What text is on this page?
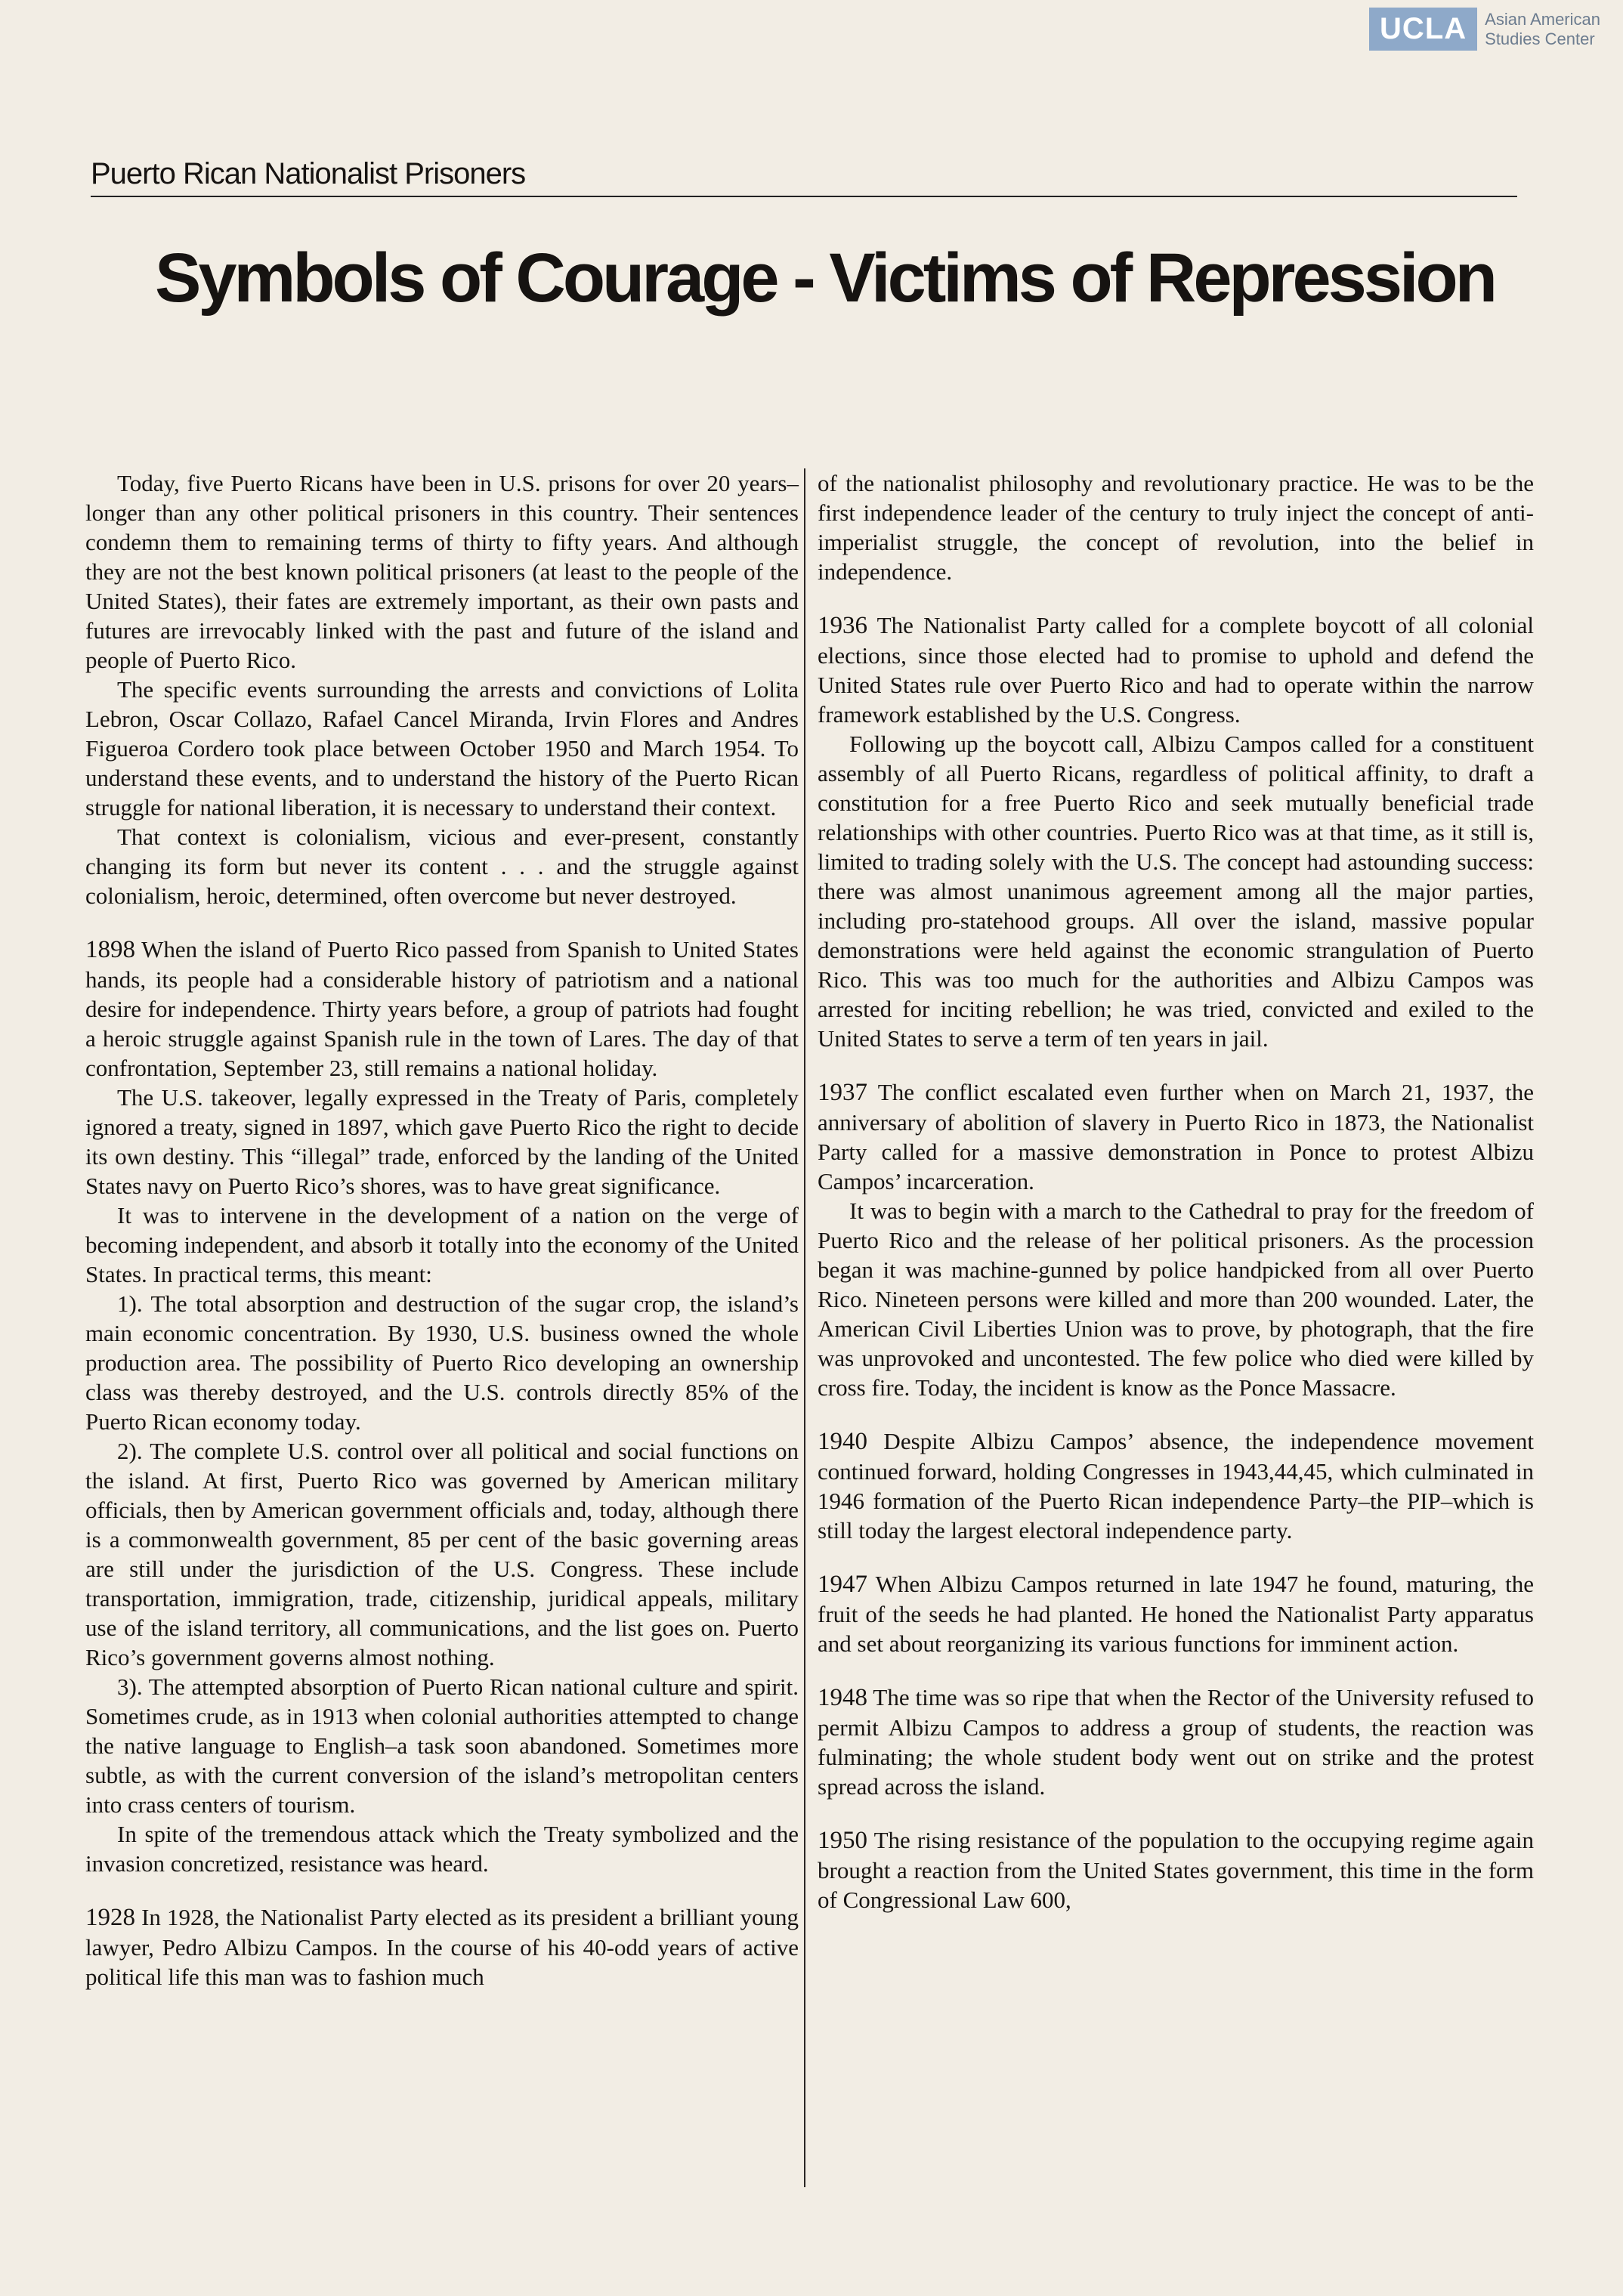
UCLA	Asian American
Studies Center
Puerto Rican Nationalist Prisoners
Symbols of Courage - Victims of Repression

Today, five Puerto Ricans have been in U.S. prisons for over 20 years–longer than any other political prisoners in this country. Their sentences condemn them to remaining terms of thirty to fifty years. And although they are not the best known political prisoners (at least to the people of the United States), their fates are extremely important, as their own pasts and futures are irrevocably linked with the past and future of the island and people of Puerto Rico.

The specific events surrounding the arrests and convictions of Lolita Lebron, Oscar Collazo, Rafael Cancel Miranda, Irvin Flores and Andres Figueroa Cordero took place between October 1950 and March 1954. To understand these events, and to understand the history of the Puerto Rican struggle for national liberation, it is necessary to understand their context.

That context is colonialism, vicious and ever-present, constantly changing its form but never its content . . . and the struggle against colonialism, heroic, determined, often overcome but never destroyed.

1898 When the island of Puerto Rico passed from Spanish to United States hands, its people had a considerable history of patriotism and a national desire for independence. Thirty years before, a group of patriots had fought a heroic struggle against Spanish rule in the town of Lares. The day of that confrontation, September 23, still remains a national holiday.

The U.S. takeover, legally expressed in the Treaty of Paris, completely ignored a treaty, signed in 1897, which gave Puerto Rico the right to decide its own destiny. This “illegal” trade, enforced by the landing of the United States navy on Puerto Rico’s shores, was to have great significance.

It was to intervene in the development of a nation on the verge of becoming independent, and absorb it totally into the economy of the United States. In practical terms, this meant:

1). The total absorption and destruction of the sugar crop, the island’s main economic concentration. By 1930, U.S. business owned the whole production area. The possibility of Puerto Rico developing an ownership class was thereby destroyed, and the U.S. controls directly 85% of the Puerto Rican economy today.

2). The complete U.S. control over all political and social functions on the island. At first, Puerto Rico was governed by American military officials, then by American government officials and, today, although there is a commonwealth government, 85 per cent of the basic governing areas are still under the jurisdiction of the U.S. Congress. These include transportation, immigration, trade, citizenship, juridical appeals, military use of the island territory, all communications, and the list goes on. Puerto Rico’s government governs almost nothing.

3). The attempted absorption of Puerto Rican national culture and spirit. Sometimes crude, as in 1913 when colonial authorities attempted to change the native language to English–a task soon abandoned. Sometimes more subtle, as with the current conversion of the island’s metropolitan centers into crass centers of tourism.

In spite of the tremendous attack which the Treaty symbolized and the invasion concretized, resistance was heard.

1928 In 1928, the Nationalist Party elected as its president a brilliant young lawyer, Pedro Albizu Campos. In the course of his 40-odd years of active political life this man was to fashion much

of the nationalist philosophy and revolutionary practice. He was to be the first independence leader of the century to truly inject the concept of anti-imperialist struggle, the concept of revolution, into the belief in independence.

1936 The Nationalist Party called for a complete boycott of all colonial elections, since those elected had to promise to uphold and defend the United States rule over Puerto Rico and had to operate within the narrow framework established by the U.S. Congress.

Following up the boycott call, Albizu Campos called for a constituent assembly of all Puerto Ricans, regardless of political affinity, to draft a constitution for a free Puerto Rico and seek mutually beneficial trade relationships with other countries. Puerto Rico was at that time, as it still is, limited to trading solely with the U.S. The concept had astounding success: there was almost unanimous agreement among all the major parties, including pro-statehood groups. All over the island, massive popular demonstrations were held against the economic strangulation of Puerto Rico. This was too much for the authorities and Albizu Campos was arrested for inciting rebellion; he was tried, convicted and exiled to the United States to serve a term of ten years in jail.

1937 The conflict escalated even further when on March 21, 1937, the anniversary of abolition of slavery in Puerto Rico in 1873, the Nationalist Party called for a massive demonstration in Ponce to protest Albizu Campos’ incarceration.

It was to begin with a march to the Cathedral to pray for the freedom of Puerto Rico and the release of her political prisoners. As the procession began it was machine-gunned by police handpicked from all over Puerto Rico. Nineteen persons were killed and more than 200 wounded. Later, the American Civil Liberties Union was to prove, by photograph, that the fire was unprovoked and uncontested. The few police who died were killed by cross fire. Today, the incident is know as the Ponce Massacre.

1940 Despite Albizu Campos’ absence, the independence movement continued forward, holding Congresses in 1943,44,45, which culminated in 1946 formation of the Puerto Rican independence Party–the PIP–which is still today the largest electoral independence party.

1947 When Albizu Campos returned in late 1947 he found, maturing, the fruit of the seeds he had planted. He honed the Nationalist Party apparatus and set about reorganizing its various functions for imminent action.

1948 The time was so ripe that when the Rector of the University refused to permit Albizu Campos to address a group of students, the reaction was fulminating; the whole student body went out on strike and the protest spread across the island.

1950 The rising resistance of the population to the occupying regime again brought a reaction from the United States government, this time in the form of Congressional Law 600,
